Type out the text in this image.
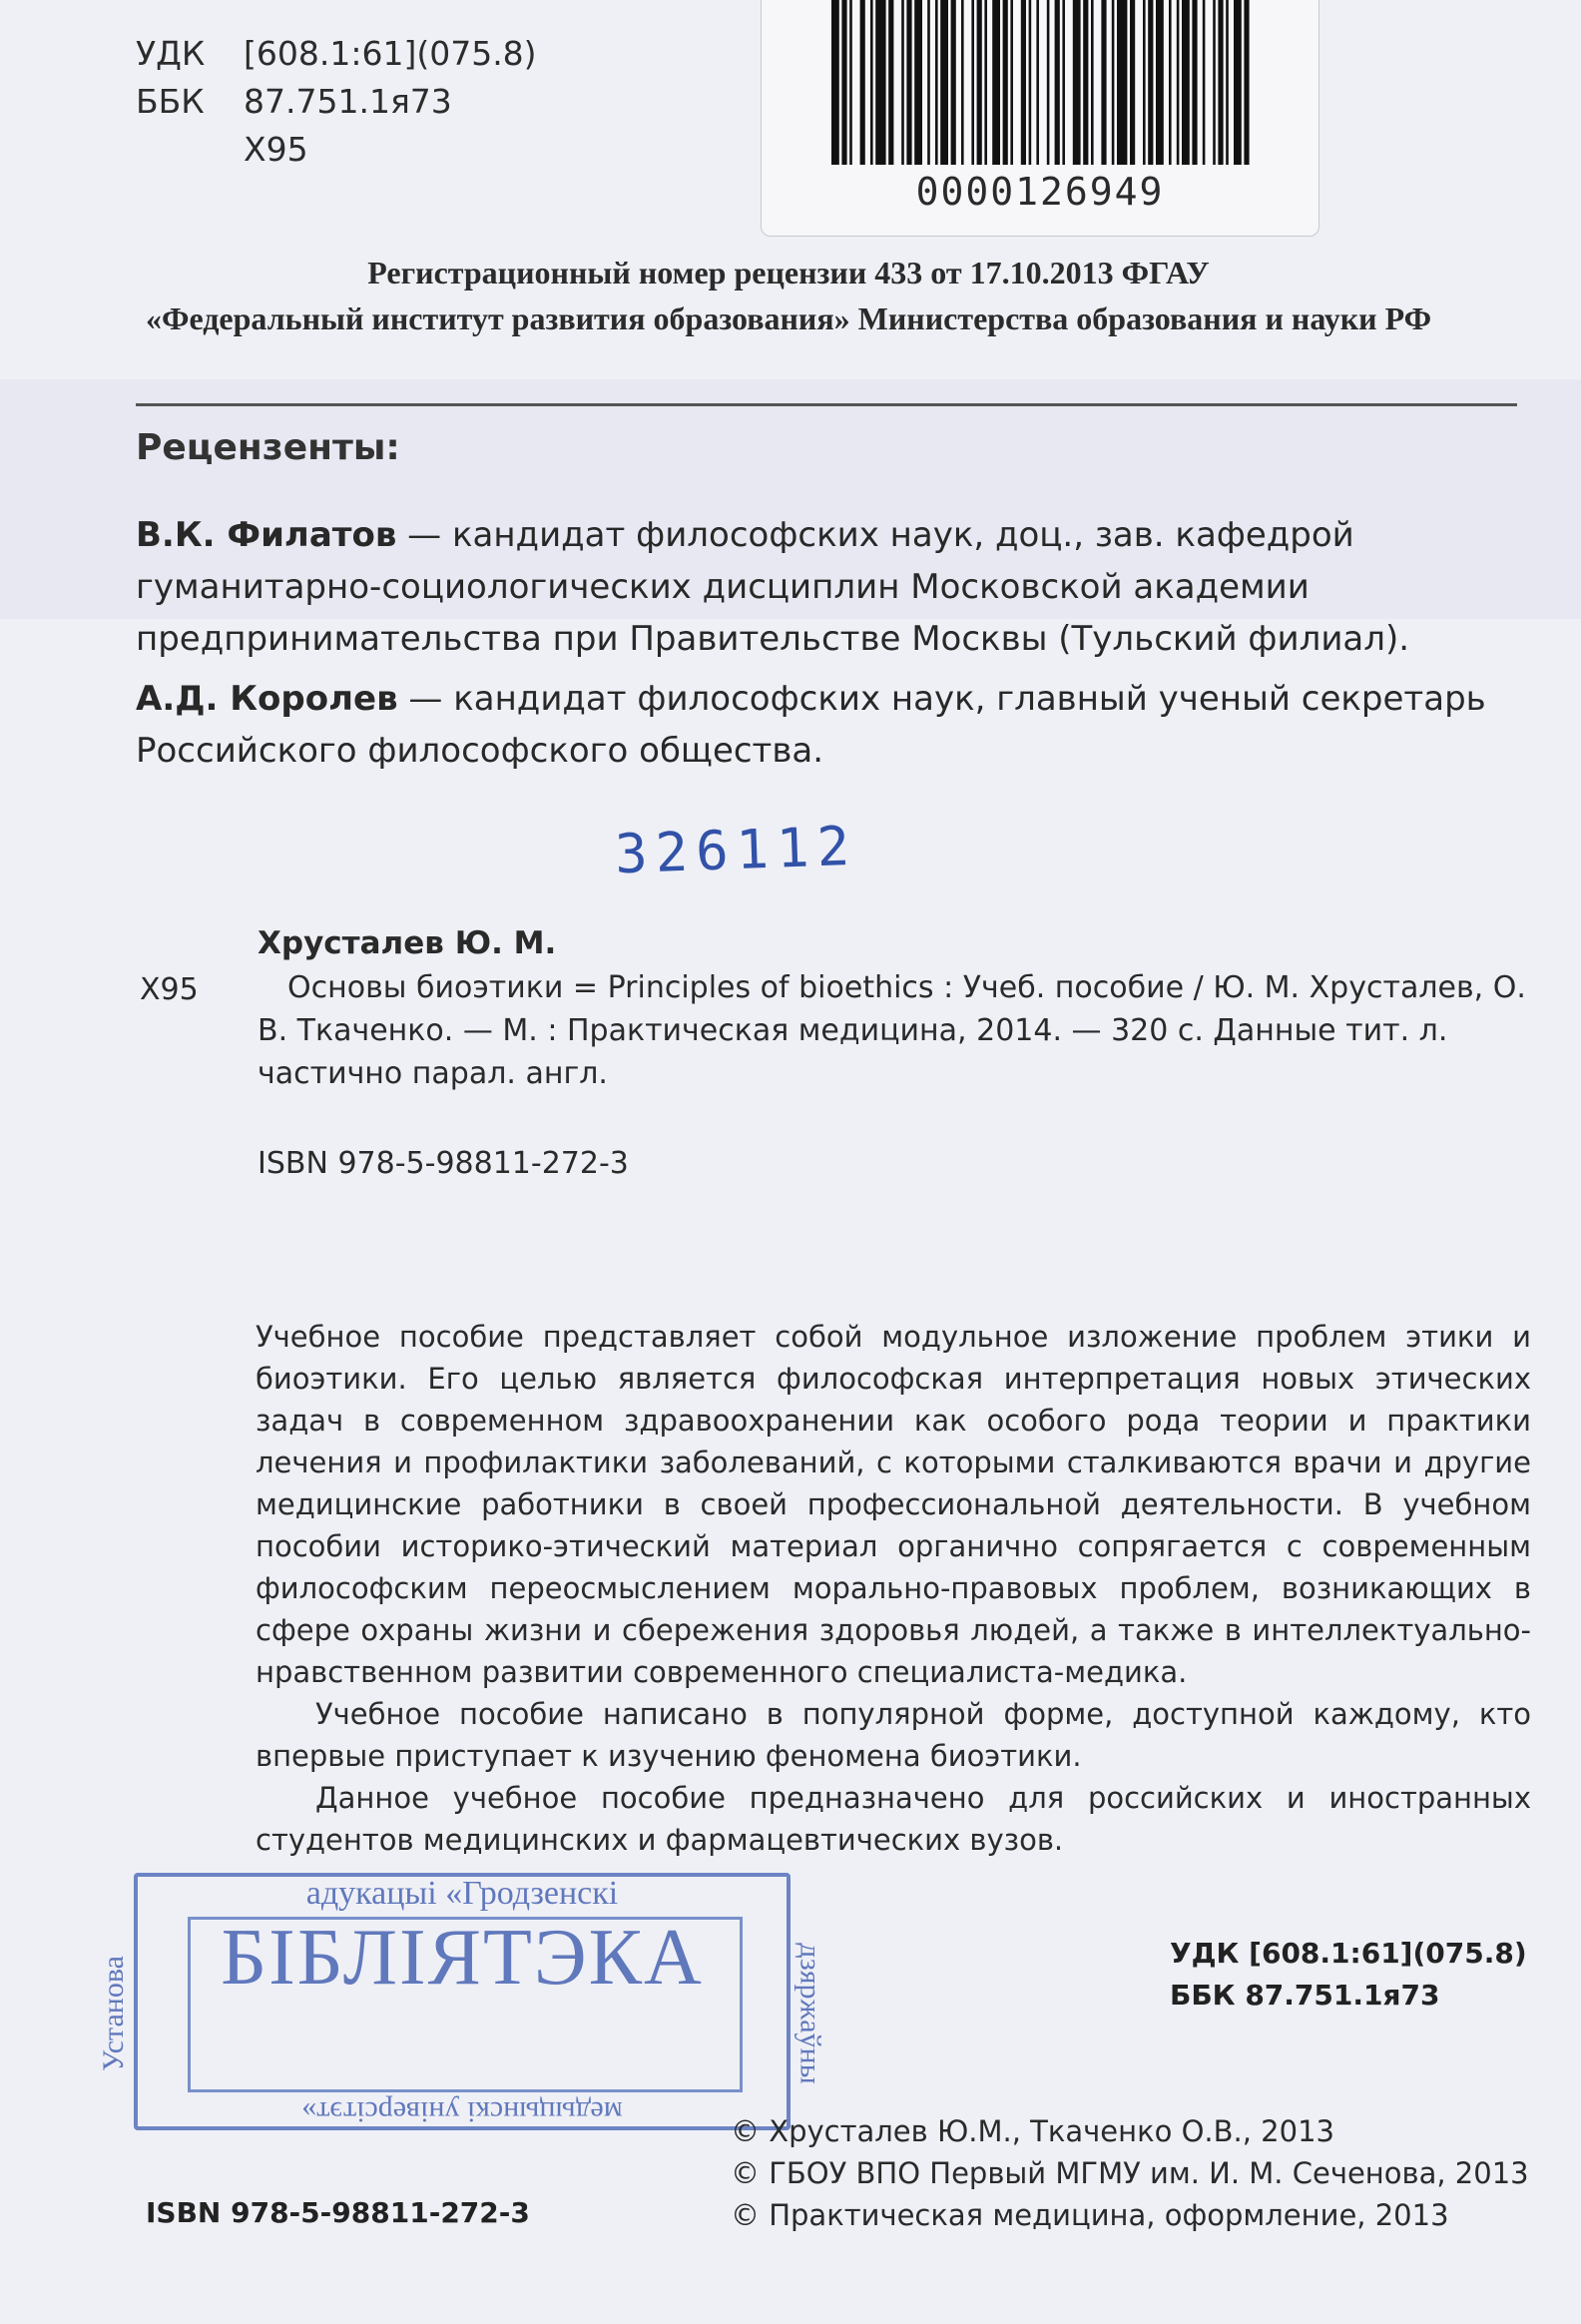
УДК	[608.1:61](075.8)
ББК	87.751.1я73
Х95
0000126949
Регистрационный номер рецензии 433 от 17.10.2013 ФГАУ
«Федеральный институт развития образования» Министерства образования и науки РФ
Рецензенты:
В.К. Филатов — кандидат философских наук, доц., зав. кафедрой гуманитарно-социологических дисциплин Московской академии предпринимательства при Правительстве Москвы (Тульский филиал).
А.Д. Королев — кандидат философских наук, главный ученый секретарь Российского философского общества.
326112
Хрусталев Ю. М.
Х95	Основы биоэтики = Principles of bioethics : Учеб. пособие / Ю. М. Хрусталев, О. В. Ткаченко. — М. : Практическая медицина, 2014. — 320 с. Данные тит. л. частично парал. англ.
ISBN 978-5-98811-272-3

Учебное пособие представляет собой модульное изложение проблем этики и биоэтики. Его целью является философская интерпретация новых этических задач в современном здравоохранении как особого рода теории и практики лечения и профилактики заболеваний, с которыми сталкиваются врачи и другие медицинские работники в своей профессиональной деятельности. В учебном пособии историко-этический материал органично сопрягается с современным философским переосмыслением морально-правовых проблем, возникающих в сфере охраны жизни и сбережения здоровья людей, а также в интеллектуально-нравственном развитии современного специалиста-медика.

Учебное пособие написано в популярной форме, доступной каждому, кто впервые приступает к изучению феномена биоэтики.

Данное учебное пособие предназначено для российских и иностранных студентов медицинских и фармацевтических вузов.

адукацыі «Гродзенскі
БІБЛІЯТЭКА
медыцынскі універсітэт»
Установа	дзяржаўны	УДК [608.1:61](075.8)
ББК 87.751.1я73
© Хрусталев Ю.М., Ткаченко О.В., 2013
© ГБОУ ВПО Первый МГМУ им. И. М. Сеченова, 2013
© Практическая медицина, оформление, 2013
ISBN 978-5-98811-272-3
